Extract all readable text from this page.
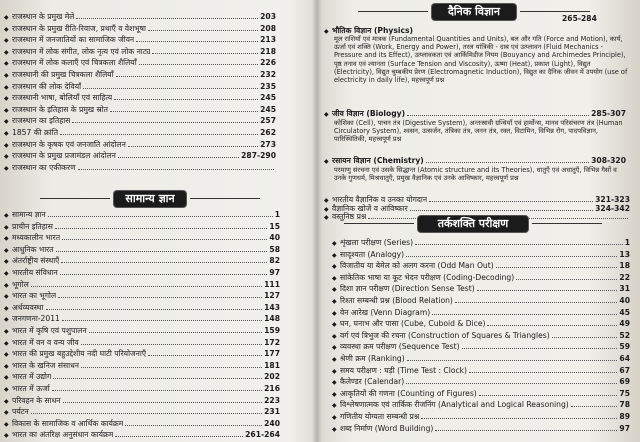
◆ राजस्थान के प्रमुख मेले	203
◆ राजस्थान के प्रमुख रीति-रिवाज, प्रथाएँ व वेशभूषा	208
◆ राजस्थान में जनजातियों का सामाजिक जीवन	213
◆ राजस्थान में लोक संगीत, लोक नृत्य एवं लोक नाट्य	218
◆ राजस्थान में लोक कलाएँ एवं चित्रकला शैलियाँ	226
◆ राजस्थानी की प्रमुख चित्रकला शैलियाँ	232
◆ राजस्थान की लोक देवियाँ	235
◆ राजस्थानी भाषा, बोलियाँ एवं साहित्य	245
◆ राजस्थान के इतिहास के प्रमुख स्रोत	245
◆ राजस्थान का इतिहास	257
◆ 1857 की क्रांति	262
◆ राजस्थान के कृषक एवं जनजाति आंदोलन	273
◆ राजस्थान के प्रमुख प्रजामंडल आंदोलन	287-290
◆ राजस्थान का एकीकरण
सामान्य ज्ञान
◆ सामान्य ज्ञान	1
◆ प्राचीन इतिहास	15
◆ मध्यकालीन भारत	40
◆ आधुनिक भारत	58
◆ अंतर्राष्ट्रीय संस्थाएँ	82
◆ भारतीय संविधान	97
◆ भूगोल	111
◆ भारत का भूगोल	127
◆ अर्थव्यवस्था	143
◆ जनगणना-2011	148
◆ भारत में कृषि एवं पशुपालन	159
◆ भारत में वन व वन्य जीव	172
◆ भारत की प्रमुख बहुउद्देशीय नदी घाटी परियोजनाएँ	177
◆ भारत के खनिज संसाधन	181
◆ भारत में उद्योग	202
◆ भारत में ऊर्जा	216
◆ परिवहन के साधन	223
◆ पर्यटन	231
◆ विकास के सामाजिक व आर्थिक कार्यक्रम	240
◆ भारत का अंतरिक्ष अनुसंधान कार्यक्रम	261-264
दैनिक विज्ञान
265-284
◆ भौतिक विज्ञान (Physics)
मूल राशियाँ एवं मात्रक (Fundamental Quantities and Units), बल और गति (Force and Motion), कार्य, ऊर्जा एवं शक्ति (Work, Energy and Power), तरल यांत्रिकी - दाब एवं उत्प्लावन (Fluid Mechanics - Pressure and its Effect), उत्प्लावकता एवं आर्किमिडीज नियम (Bouyancy and Archimedes Principle), पृष्ठ तनाव एवं श्यानता (Surface Tension and Viscosity), ऊष्मा (Heat), प्रकाश (Light), विद्युत (Electricity), विद्युत चुम्बकीय प्रेरण (Electromagnetic Induction), विद्युत का दैनिक जीवन में उपयोग (use of electricity in daily life), महत्त्वपूर्ण प्रश्न
◆ जीव विज्ञान (Biology)	285-307
कोशिका (Cell), पाचन तंत्र (Digestive System), अन्तःस्रावी ग्रन्थियाँ एवं हार्मोन्स, मानव परिसंचरण तंत्र (Human Circulatory System), श्वसन, उत्सर्जन, तंत्रिका तंत्र, जनन तंत्र, रक्त, विटामिन, विभिन्न रोग, पादपविज्ञान, पारिस्थितिकी, महत्त्वपूर्ण प्रश्न
◆ रसायन विज्ञान (Chemistry)	308-320
परमाणु संरचना एवं उसके सिद्धान्त (Atomic structure and its Theories), धातुएँ एवं अधातुएँ, विभिन्न गैसों व उनके गुणधर्म, मिश्रधातुएँ, प्रमुख वैज्ञानिक एवं उनके आविष्कार, महत्त्वपूर्ण प्रश्न
◆ भारतीय वैज्ञानिक व उनका योगदान	321-323
◆ वैज्ञानिक खोजें व आविष्कार	324-342
◆ वस्तुनिष्ठ प्रश्न
तर्कशक्ति परीक्षण
◆ शृंखला परीक्षण (Series)	1
◆ सादृश्यता (Analogy)	13
◆ विजातीय या बेमेल को अलग करना (Odd Man Out)	18
◆ सांकेतिक भाषा या कूट भेदन परीक्षण (Coding-Decoding)	22
◆ दिशा ज्ञान परीक्षण (Direction Sense Test)	31
◆ रिश्ता सम्बन्धी प्रश्न (Blood Relation)	40
◆ वेन आरेख (Venn Diagram)	45
◆ घन, घनाभ और पासा (Cube, Cuboid & Dice)	49
◆ वर्ग एवं त्रिभुज की रचना (Construction of Squares & Triangles)	52
◆ व्यवस्था क्रम परीक्षण (Sequence Test)	59
◆ श्रेणी क्रम (Ranking)	64
◆ समय परीक्षण : घड़ी (Time Test : Clock)	67
◆ कैलेण्डर (Calendar)	69
◆ आकृतियों की गणना (Counting of Figures)	75
◆ विश्लेषणात्मक एवं तार्किक रीजनिंग (Analytical and Logical Reasoning)	78
◆ गणितीय योग्यता सम्बन्धी प्रश्न	89
◆ शब्द निर्माण (Word Building)	97
